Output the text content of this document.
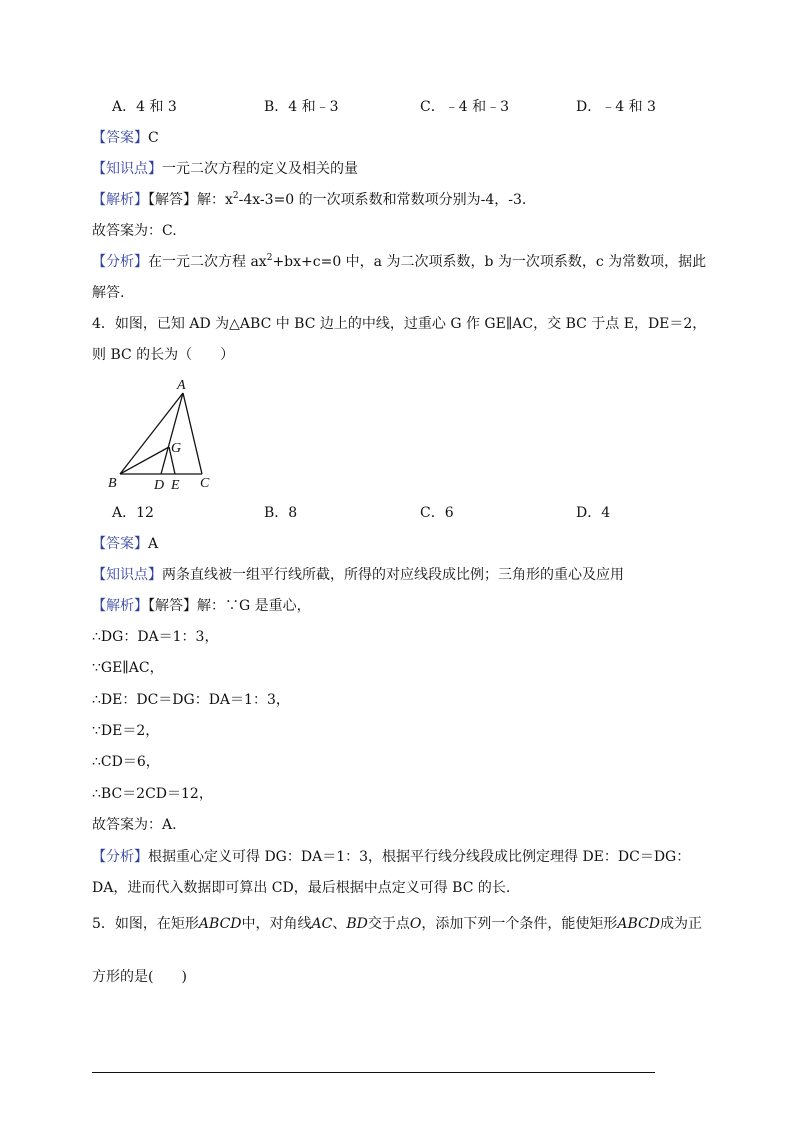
A．4 和 3	B．4 和﹣3	C．﹣4 和﹣3	D．﹣4 和 3
【答案】C
【知识点】一元二次方程的定义及相关的量
【解析】【解答】解：$x^2-4x-3=0$ 的一次项系数和常数项分别为-4，-3.
故答案为：C.
【分析】在一元二次方程 $ax^2+bx+c=0$ 中，a 为二次项系数，b 为一次项系数，c 为常数项，据此
解答.
4．如图，已知 AD 为△ABC 中 BC 边上的中线，过重心 G 作 GE∥AC，交 BC 于点 E，DE＝2，
则 BC 的长为（　　）
A
B	C
D E
G
A．12	B．8	C．6	D．4
【答案】A
【知识点】两条直线被一组平行线所截，所得的对应线段成比例；三角形的重心及应用
【解析】【解答】解：∵G 是重心，
∴DG：DA＝1：3，
∵GE∥AC，
∴DE：DC＝DG：DA＝1：3，
∵DE＝2，
∴CD＝6，
∴BC＝2CD＝12，
故答案为：A.
【分析】根据重心定义可得 DG：DA＝1：3，根据平行线分线段成比例定理得 DE：DC＝DG：
DA，进而代入数据即可算出 CD，最后根据中点定义可得 BC 的长.
5．如图，在矩形ABCD中，对角线AC、BD交于点O，添加下列一个条件，能使矩形ABCD成为正
方形的是(　　)
